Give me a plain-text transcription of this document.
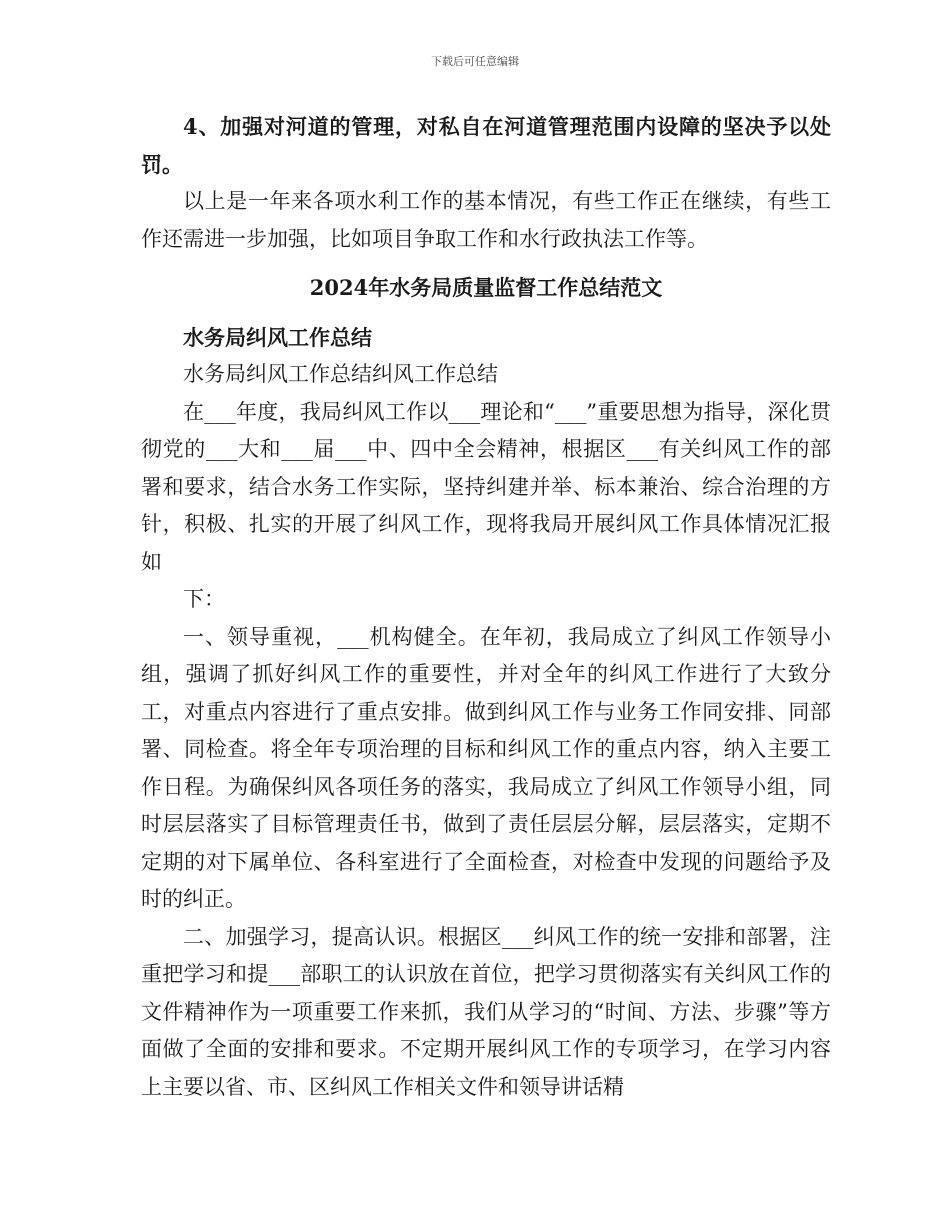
下载后可任意编辑

4、加强对河道的管理，对私自在河道管理范围内设障的坚决予以处罚。

以上是一年来各项水利工作的基本情况，有些工作正在继续，有些工作还需进一步加强，比如项目争取工作和水行政执法工作等。

2024年水务局质量监督工作总结范文

水务局纠风工作总结

水务局纠风工作总结纠风工作总结

在___年度，我局纠风工作以___理论和“___”重要思想为指导，深化贯彻党的___大和___届___中、四中全会精神，根据区___有关纠风工作的部署和要求，结合水务工作实际，坚持纠建并举、标本兼治、综合治理的方针，积极、扎实的开展了纠风工作，现将我局开展纠风工作具体情况汇报如

下：

一、领导重视，___机构健全。在年初，我局成立了纠风工作领导小组，强调了抓好纠风工作的重要性，并对全年的纠风工作进行了大致分工，对重点内容进行了重点安排。做到纠风工作与业务工作同安排、同部署、同检查。将全年专项治理的目标和纠风工作的重点内容，纳入主要工作日程。为确保纠风各项任务的落实，我局成立了纠风工作领导小组，同时层层落实了目标管理责任书，做到了责任层层分解，层层落实，定期不定期的对下属单位、各科室进行了全面检查，对检查中发现的问题给予及时的纠正。

二、加强学习，提高认识。根据区___纠风工作的统一安排和部署，注重把学习和提___部职工的认识放在首位，把学习贯彻落实有关纠风工作的文件精神作为一项重要工作来抓，我们从学习的“时间、方法、步骤”等方面做了全面的安排和要求。不定期开展纠风工作的专项学习，在学习内容上主要以省、市、区纠风工作相关文件和领导讲话精
